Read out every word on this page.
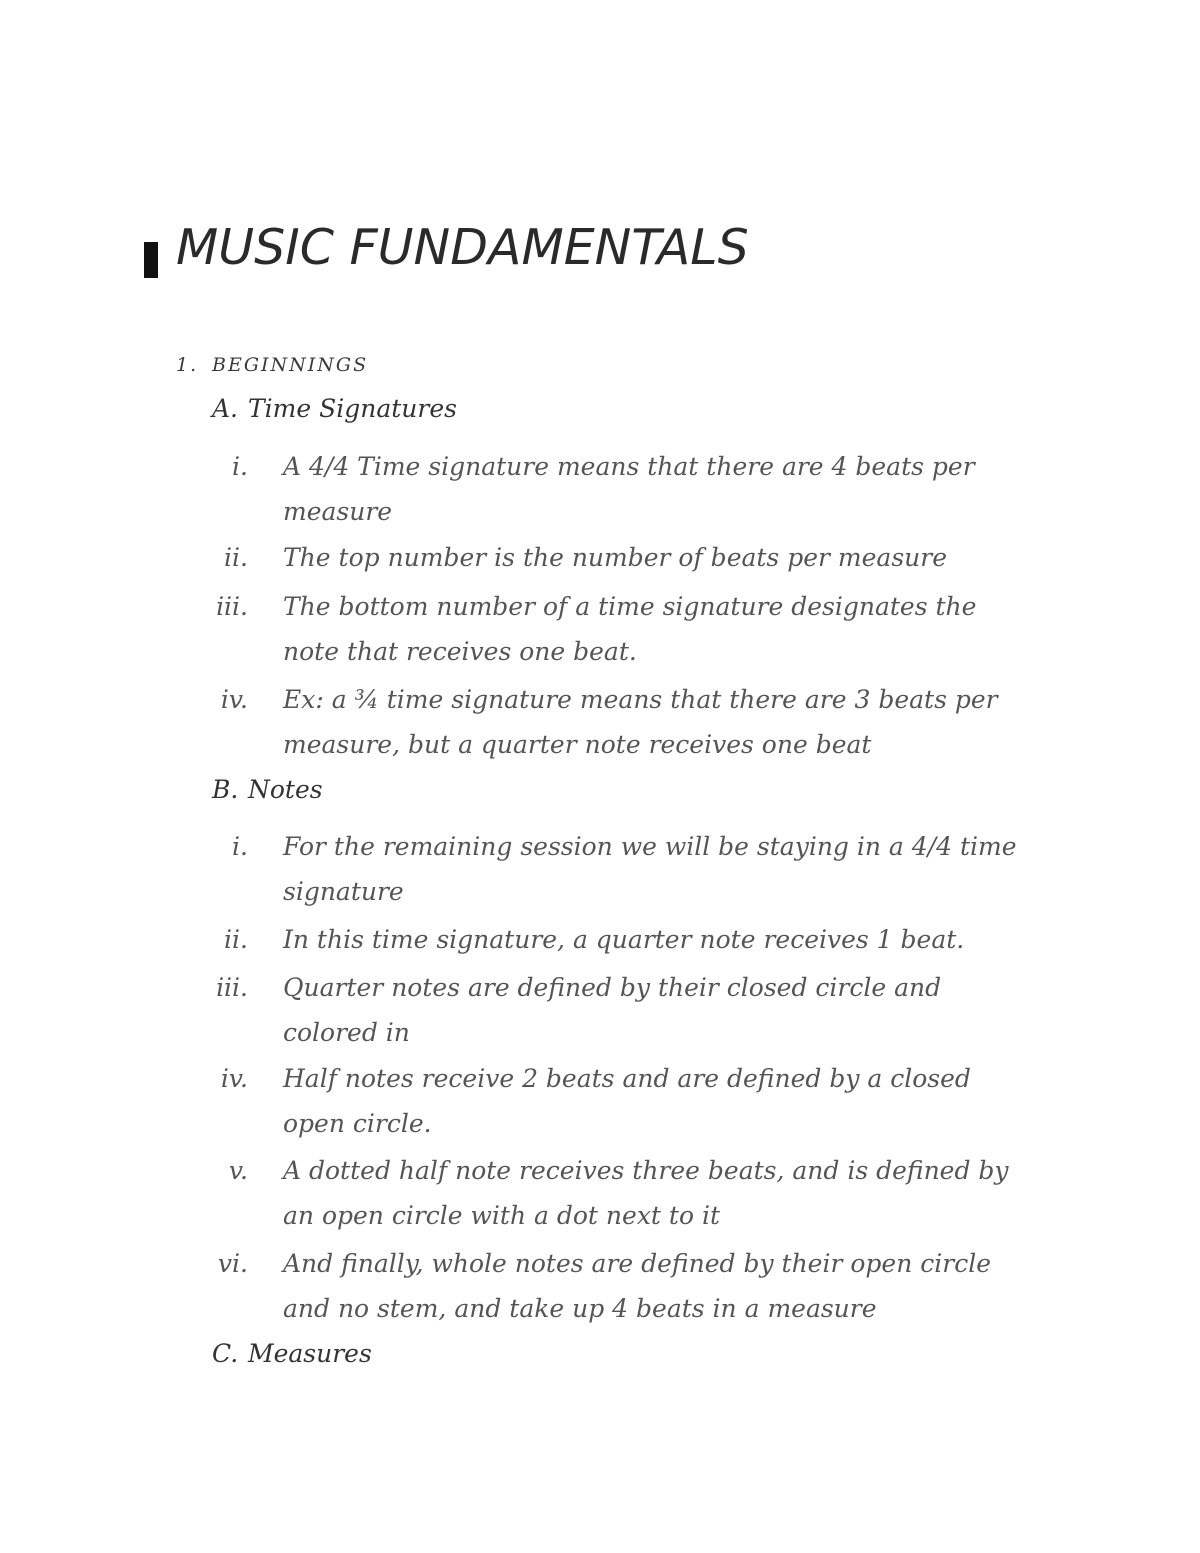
MUSIC FUNDAMENTALS
1. BEGINNINGS
A. Time Signatures
i. A 4/4 Time signature means that there are 4 beats per measure
ii. The top number is the number of beats per measure
iii. The bottom number of a time signature designates the note that receives one beat.
iv. Ex: a ¾ time signature means that there are 3 beats per measure, but a quarter note receives one beat
B. Notes
i. For the remaining session we will be staying in a 4/4 time signature
ii. In this time signature, a quarter note receives 1 beat.
iii. Quarter notes are defined by their closed circle and colored in
iv. Half notes receive 2 beats and are defined by a closed open circle.
v. A dotted half note receives three beats, and is defined by an open circle with a dot next to it
vi. And finally, whole notes are defined by their open circle and no stem, and take up 4 beats in a measure
C. Measures
